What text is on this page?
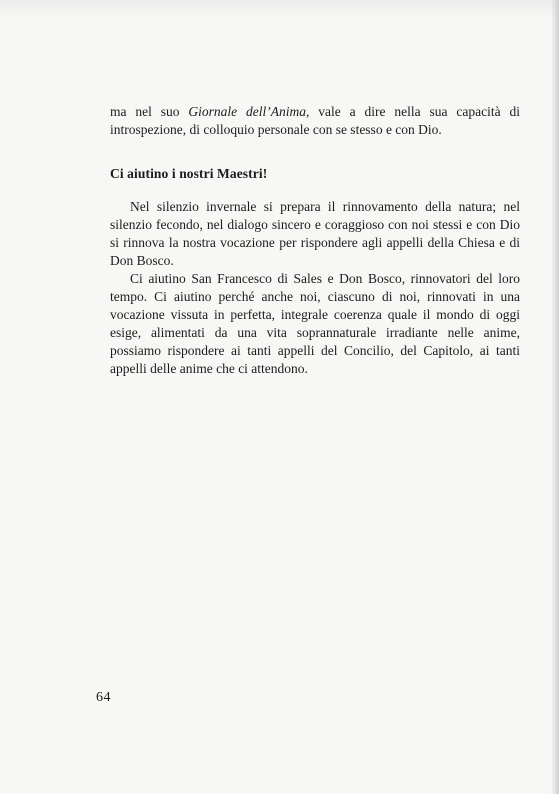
ma nel suo Giornale dell’Anima, vale a dire nella sua capacità di introspezione, di colloquio personale con se stesso e con Dio.

Ci aiutino i nostri Maestri!

Nel silenzio invernale si prepara il rinnovamento della natura; nel silenzio fecondo, nel dialogo sincero e coraggioso con noi stessi e con Dio si rinnova la nostra vocazione per rispondere agli appelli della Chiesa e di Don Bosco.

Ci aiutino San Francesco di Sales e Don Bosco, rinnovatori del loro tempo. Ci aiutino perché anche noi, ciascuno di noi, rinnovati in una vocazione vissuta in perfetta, integrale coerenza quale il mondo di oggi esige, alimentati da una vita soprannaturale irradiante nelle anime, possiamo rispondere ai tanti appelli del Concilio, del Capitolo, ai tanti appelli delle anime che ci attendono.

64
